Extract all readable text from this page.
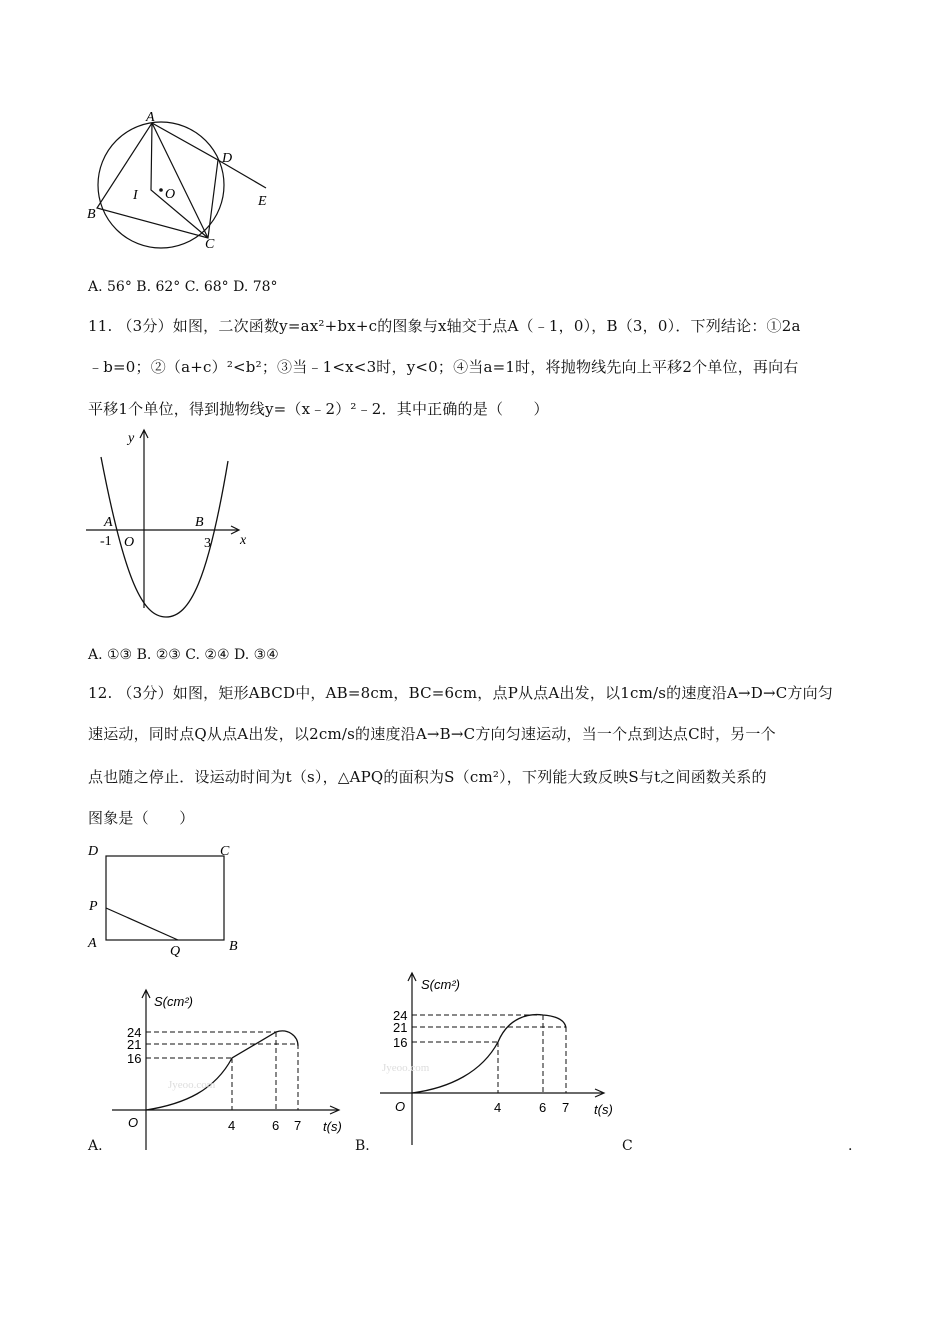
A
D
E
I O
B
C
A. 56° B. 62° C. 68° D. 78°
11. （3分）如图，二次函数y=ax²+bx+c的图象与x轴交于点A（﹣1，0），B（3，0）．下列结论：①2a
﹣b=0；②（a+c）²<b²；③当﹣1<x<3时，y<0；④当a=1时，将抛物线先向上平移2个单位，再向右
平移1个单位，得到抛物线y=（x﹣2）²﹣2．其中正确的是（　　）
y
x
A	B
-1 O	3
A. ①③ B. ②③ C. ②④ D. ③④
12. （3分）如图，矩形ABCD中，AB=8cm，BC=6cm，点P从点A出发，以1cm/s的速度沿A→D→C方向匀
速运动，同时点Q从点A出发，以2cm/s的速度沿A→B→C方向匀速运动，当一个点到达点C时，另一个
点也随之停止．设运动时间为t（s），△APQ的面积为S（cm²），下列能大致反映S与t之间函数关系的
图象是（　　）
D	C
P
A
Q	B
Jyeoo.com
S(cm²)
24
21
16
O	4	6 7 t(s)
Jyeoo.com
S(cm²)
24
21
16
O	4	6 7 t(s)
A.	B.	C	.
